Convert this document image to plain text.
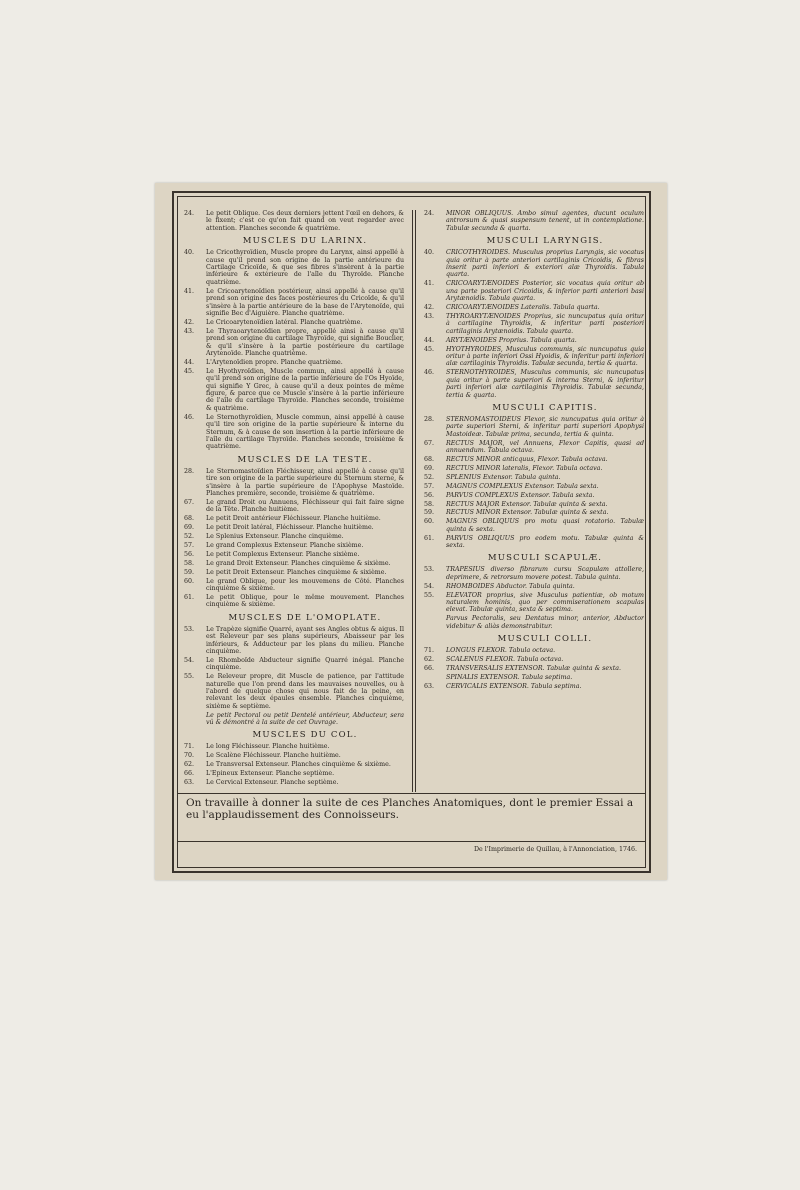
24.	Le petit Oblique. Ces deux derniers jettent l'œil en dehors, & le fixent; c'est ce qu'on fait quand on veut regarder avec attention. Planches seconde & quatrième.
MUSCLES DU LARINX.
40.	Le Cricothyroïdien, Muscle propre du Larynx, ainsi appellé à cause qu'il prend son origine de la partie antérieure du Cartilage Cricoïde, & que ses fibres s'insèrent à la partie inférieure & extérieure de l'aîle du Thyroïde. Planche quatrième.
41.	Le Cricoarytenoïdien postérieur, ainsi appellé à cause qu'il prend son origine des faces postérieures du Cricoïde, & qu'il s'insère à la partie antérieure de la base de l'Arytenoïde, qui signifie Bec d'Aiguière. Planche quatrième.
42.	Le Cricoarytenoïdien latéral. Planche quatrième.
43.	Le Thyraoarytenoïdien propre, appellé ainsi à cause qu'il prend son origine du cartilage Thyroïde, qui signifie Bouclier, & qu'il s'insère à la partie postérieure du cartilage Arytenoïde. Planche quatrième.
44.	L'Arytenoïdien propre. Planche quatrième.
45.	Le Hyothyroïdien, Muscle commun, ainsi appellé à cause qu'il prend son origine de la partie inférieure de l'Os Hyoïde, qui signifie Y Grec, à cause qu'il a deux pointes de même figure, & parce que ce Muscle s'insère à la partie inférieure de l'aîle du cartilage Thyroïde. Planches seconde, troisième & quatrième.
46.	Le Sternothyroïdien, Muscle commun, ainsi appellé à cause qu'il tire son origine de la partie supérieure & interne du Sternum, & à cause de son insertion à la partie inférieure de l'aîle du cartilage Thyroïde. Planches seconde, troisième & quatrième.
MUSCLES DE LA TESTE.
28.	Le Sternomastoïdien Fléchisseur, ainsi appellé à cause qu'il tire son origine de la partie supérieure du Sternum sterne, & s'insère à la partie supérieure de l'Apophyse Mastoïde. Planches première, seconde, troisième & quatrième.
67.	Le grand Droit ou Annuens, Fléchisseur qui fait faire signe de la Tête. Planche huitième.
68.	Le petit Droit antérieur Fléchisseur. Planche huitième.
69.	Le petit Droit latéral, Fléchisseur. Planche huitième.
52.	Le Splenius Extenseur. Planche cinquième.
57.	Le grand Complexus Extenseur. Planche sixième.
56.	Le petit Complexus Extenseur. Planche sixième.
58.	Le grand Droit Extenseur. Planches cinquième & sixième.
59.	Le petit Droit Extenseur. Planches cinquième & sixième.
60.	Le grand Oblique, pour les mouvemens de Côté. Planches cinquième & sixième.
61.	Le petit Oblique, pour le même mouvement. Planches cinquième & sixième.
MUSCLES DE L'OMOPLATE.
53.	Le Trapèze signifie Quarré, ayant ses Angles obtus & aigus. Il est Releveur par ses plans supérieurs, Abaisseur par les inférieurs, & Adducteur par les plans du milieu. Planche cinquième.
54.	Le Rhomboïde Abducteur signifie Quarré inégal. Planche cinquième.
55.	Le Releveur propre, dit Muscle de patience, par l'attitude naturelle que l'on prend dans les mauvaises nouvelles, ou à l'abord de quelque chose qui nous fait de la peine, en relevant les deux épaules ensemble. Planches cinquième, sixième & septième.
Le petit Pectoral ou petit Dentelé antérieur, Abducteur, sera vû & démontré à la suite de cet Ouvrage.
MUSCLES DU COL.
71.	Le long Fléchisseur. Planche huitième.
70.	Le Scalène Fléchisseur. Planche huitième.
62.	Le Transversal Extenseur. Planches cinquième & sixième.
66.	L'Epineux Extenseur. Planche septième.
63.	Le Cervical Extenseur. Planche septième.
24.	MINOR OBLIQUUS. Ambo simul agentes, ducunt oculum antrorsum & quasi suspensum tenent, ut in contemplatione. Tabulæ secunda & quarta.
MUSCULI LARYNGIS.
40.	CRICOTHYROIDES. Musculus proprius Laryngis, sic vocatus quia oritur à parte anteriori cartilaginis Cricoidis, & fibras inserit parti inferiori & exteriori alæ Thyroidis. Tabula quarta.
41.	CRICOARYTÆNOIDES Posterior, sic vocatus quia oritur ab una parte posteriori Cricoidis, & inferior parti anteriori basi Arytænoidis. Tabula quarta.
42.	CRICOARYTÆNOIDES Lateralis. Tabula quarta.
43.	THYROARYTÆNOIDES Proprius, sic nuncupatus quia oritur à cartilagine Thyroidis, & inferitur parti posteriori cartilaginis Arytænoidis. Tabula quarta.
44.	ARYTÆNOIDES Proprius. Tabula quarta.
45.	HYOTHYROIDES, Musculus communis, sic nuncupatus quia oritur à parte inferiori Ossi Hyoidis, & inferitur parti inferiori alæ cartilaginis Thyroidis. Tabulæ secunda, tertia & quarta.
46.	STERNOTHYROIDES, Musculus communis, sic nuncupatus quia oritur à parte superiori & interna Sterni, & inferitur parti inferiori alæ cartilaginis Thyroidis. Tabulæ secunda, tertia & quarta.
MUSCULI CAPITIS.
28.	STERNOMASTOIDEUS Flexor, sic nuncupatus quia oritur à parte superiori Sterni, & inferitur parti superiori Apophysi Mastoideæ. Tabulæ prima, secunda, tertia & quinta.
67.	RECTUS MAJOR, vel Annuens, Flexor Capitis, quasi ad annuendum. Tabula octava.
68.	RECTUS MINOR anticquus, Flexor. Tabula octava.
69.	RECTUS MINOR lateralis, Flexor. Tabula octava.
52.	SPLENIUS Extensor. Tabula quinta.
57.	MAGNUS COMPLEXUS Extensor. Tabula sexta.
56.	PARVUS COMPLEXUS Extensor. Tabula sexta.
58.	RECTUS MAJOR Extensor. Tabulæ quinta & sexta.
59.	RECTUS MINOR Extensor. Tabulæ quinta & sexta.
60.	MAGNUS OBLIQUUS pro motu quasi rotatorio. Tabulæ quinta & sexta.
61.	PARVUS OBLIQUUS pro eodem motu. Tabulæ quinta & sexta.
MUSCULI SCAPULÆ.
53.	TRAPESIUS diverso fibrarum cursu Scapulam attollere, deprimere, & retrorsum movere potest. Tabula quinta.
54.	RHOMBOIDES Abductor. Tabula quinta.
55.	ELEVATOR proprius, sive Musculus patientiæ, ob motum naturalem hominis, quo per commiserationem scapulas elevat. Tabulæ quinta, sexta & septima.
Parvus Pectoralis, seu Dentatus minor, anterior, Abductor videbitur & aliàs demonstrabitur.
MUSCULI COLLI.
71.	LONGUS FLEXOR. Tabula octava.
62.	SCALENUS FLEXOR. Tabula octava.
66.	TRANSVERSALIS EXTENSOR. Tabulæ quinta & sexta.
SPINALIS EXTENSOR. Tabula septima.
63.	CERVICALIS EXTENSOR. Tabula septima.
On travaille à donner la suite de ces Planches Anatomiques, dont le premier Essai a eu l'applaudissement des Connoisseurs.
De l'Imprimerie de Quillau, à l'Annonciation, 1746.
